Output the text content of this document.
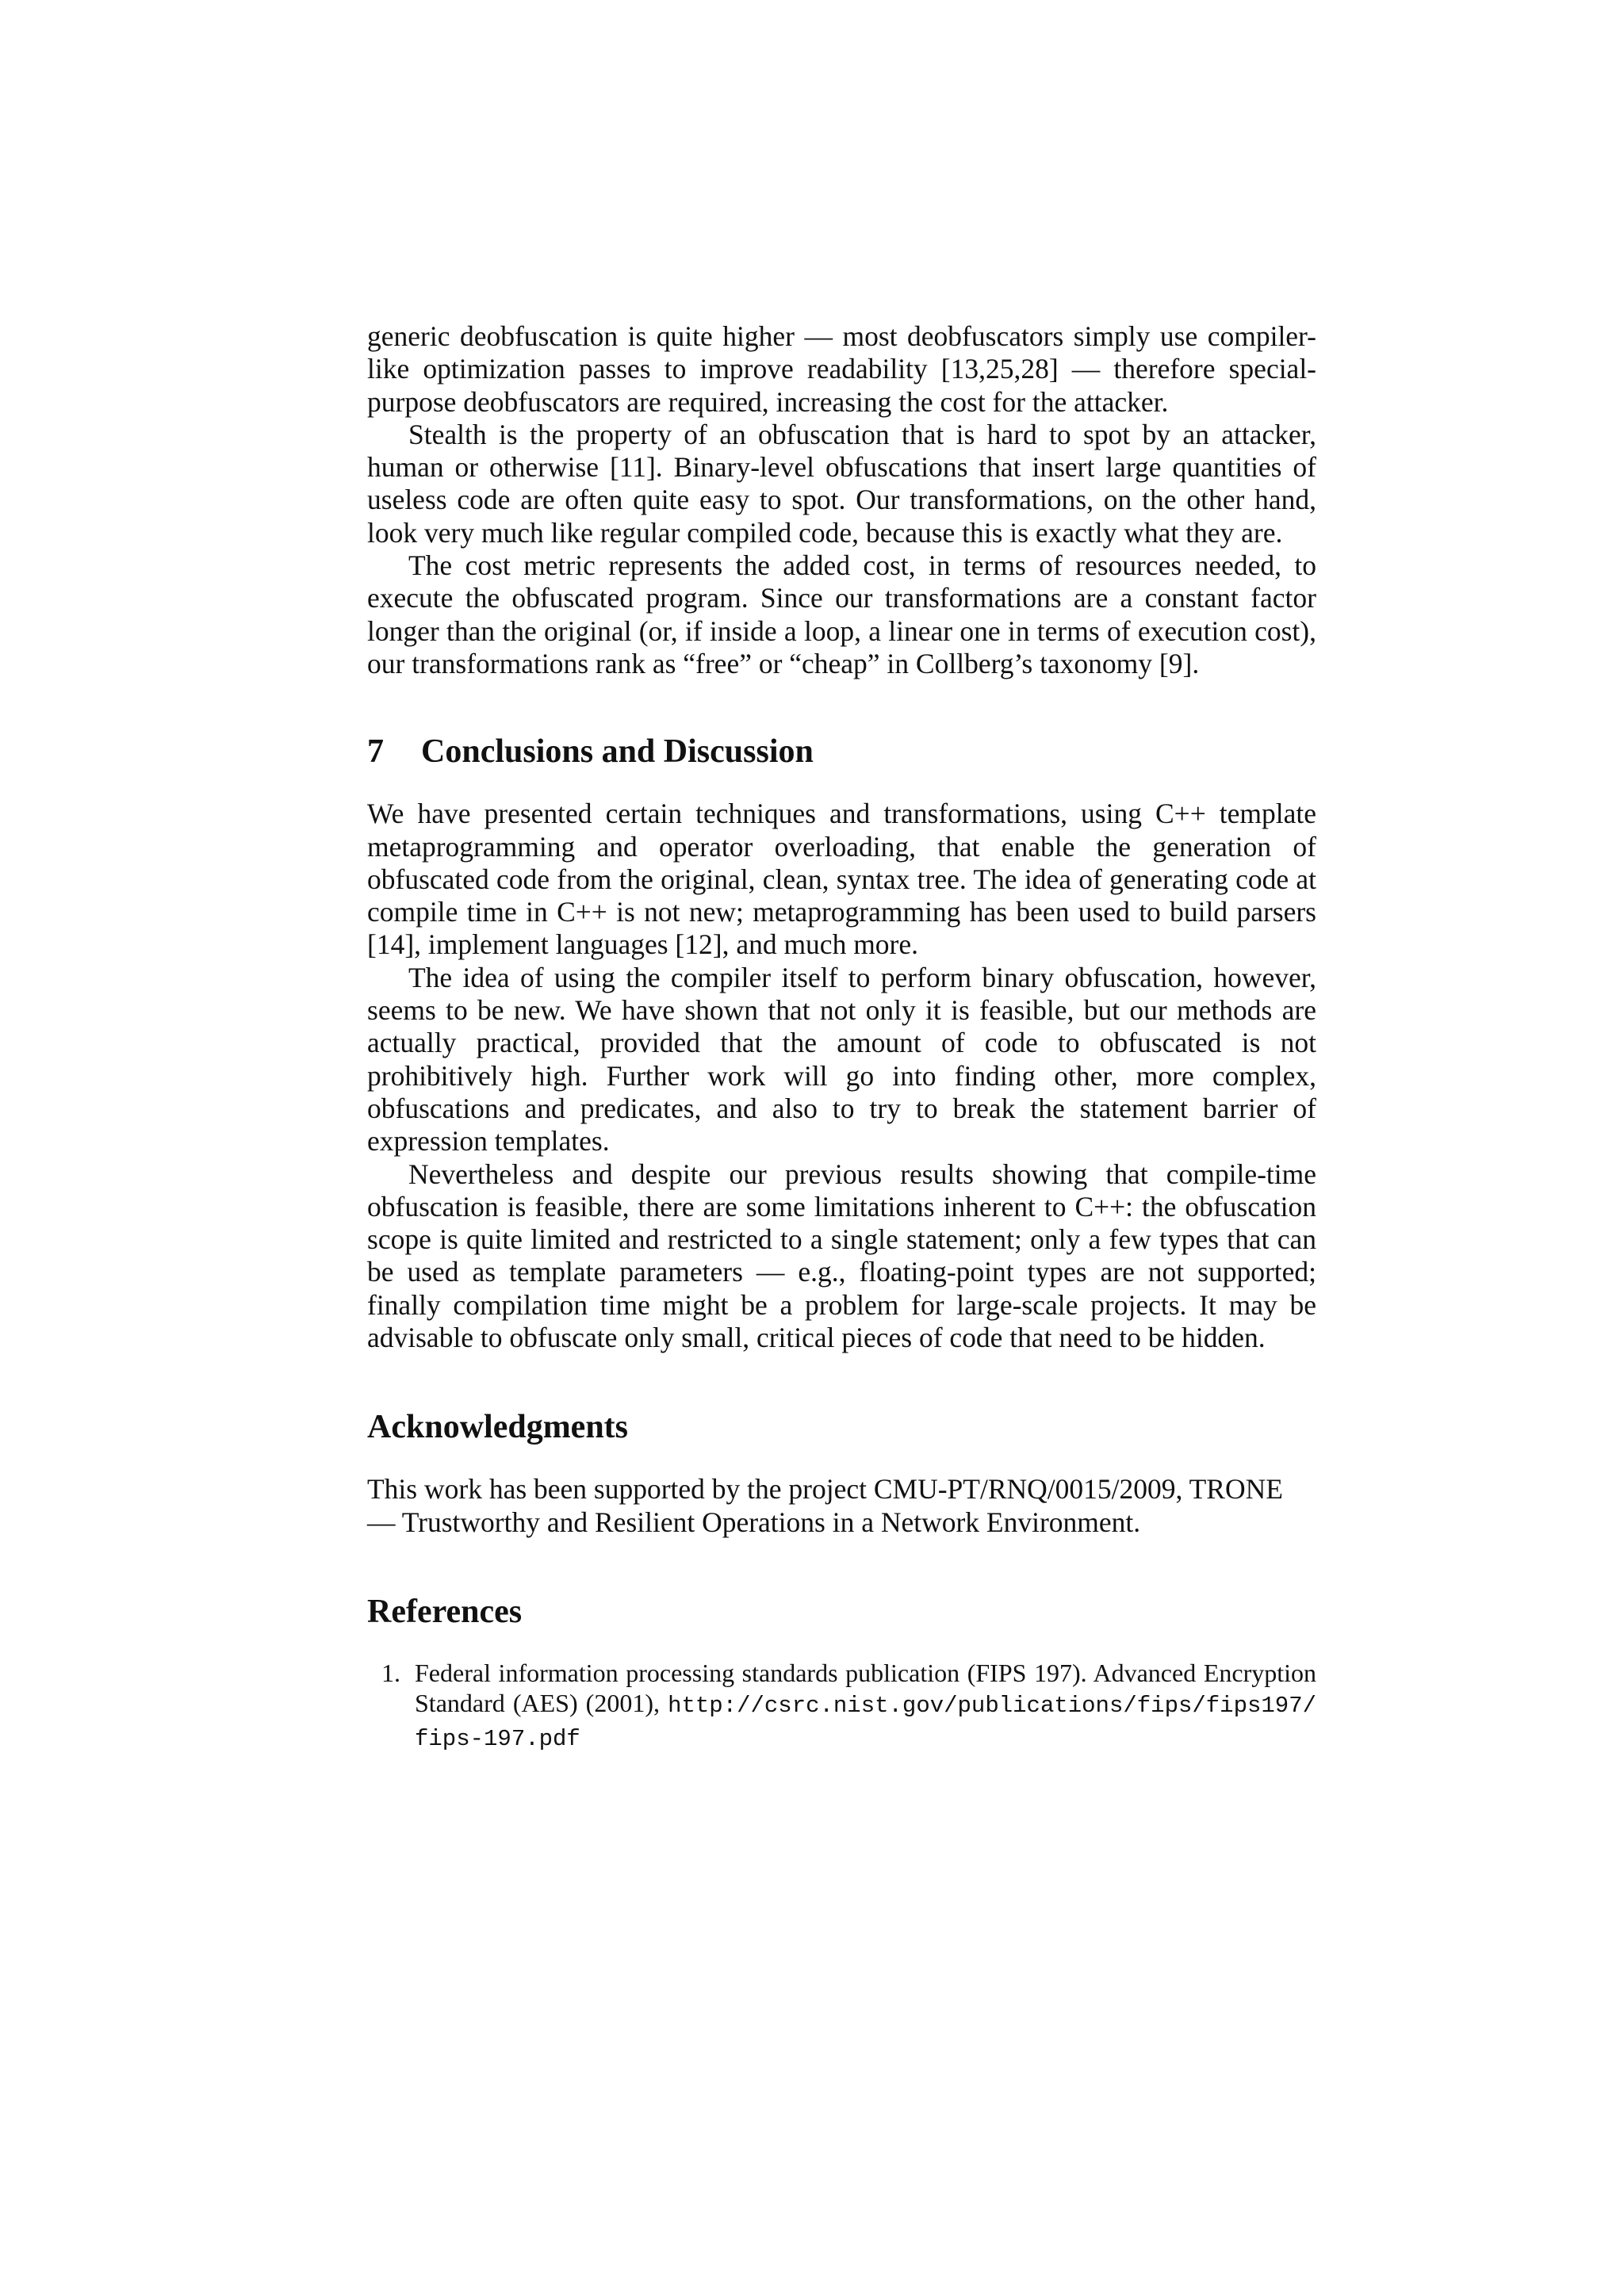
generic deobfuscation is quite higher — most deobfuscators simply use compiler-like optimization passes to improve readability [13,25,28] — therefore special-purpose deobfuscators are required, increasing the cost for the attacker.

Stealth is the property of an obfuscation that is hard to spot by an attacker, human or otherwise [11]. Binary-level obfuscations that insert large quantities of useless code are often quite easy to spot. Our transformations, on the other hand, look very much like regular compiled code, because this is exactly what they are.

The cost metric represents the added cost, in terms of resources needed, to execute the obfuscated program. Since our transformations are a constant factor longer than the original (or, if inside a loop, a linear one in terms of execution cost), our transformations rank as “free” or “cheap” in Collberg’s taxonomy [9].

7 Conclusions and Discussion

We have presented certain techniques and transformations, using C++ template metaprogramming and operator overloading, that enable the generation of obfuscated code from the original, clean, syntax tree. The idea of generating code at compile time in C++ is not new; metaprogramming has been used to build parsers [14], implement languages [12], and much more.

The idea of using the compiler itself to perform binary obfuscation, however, seems to be new. We have shown that not only it is feasible, but our methods are actually practical, provided that the amount of code to obfuscated is not prohibitively high. Further work will go into finding other, more complex, obfuscations and predicates, and also to try to break the statement barrier of expression templates.

Nevertheless and despite our previous results showing that compile-time obfuscation is feasible, there are some limitations inherent to C++: the obfuscation scope is quite limited and restricted to a single statement; only a few types that can be used as template parameters — e.g., floating-point types are not supported; finally compilation time might be a problem for large-scale projects. It may be advisable to obfuscate only small, critical pieces of code that need to be hidden.

Acknowledgments

This work has been supported by the project CMU-PT/RNQ/0015/2009, TRONE
— Trustworthy and Resilient Operations in a Network Environment.

References
1. Federal information processing standards publication (FIPS 197). Advanced Encryption Standard (AES) (2001), http:/​/​csrc.nist.gov/​publications/​fips/​fips197/​fips-197.pdf
